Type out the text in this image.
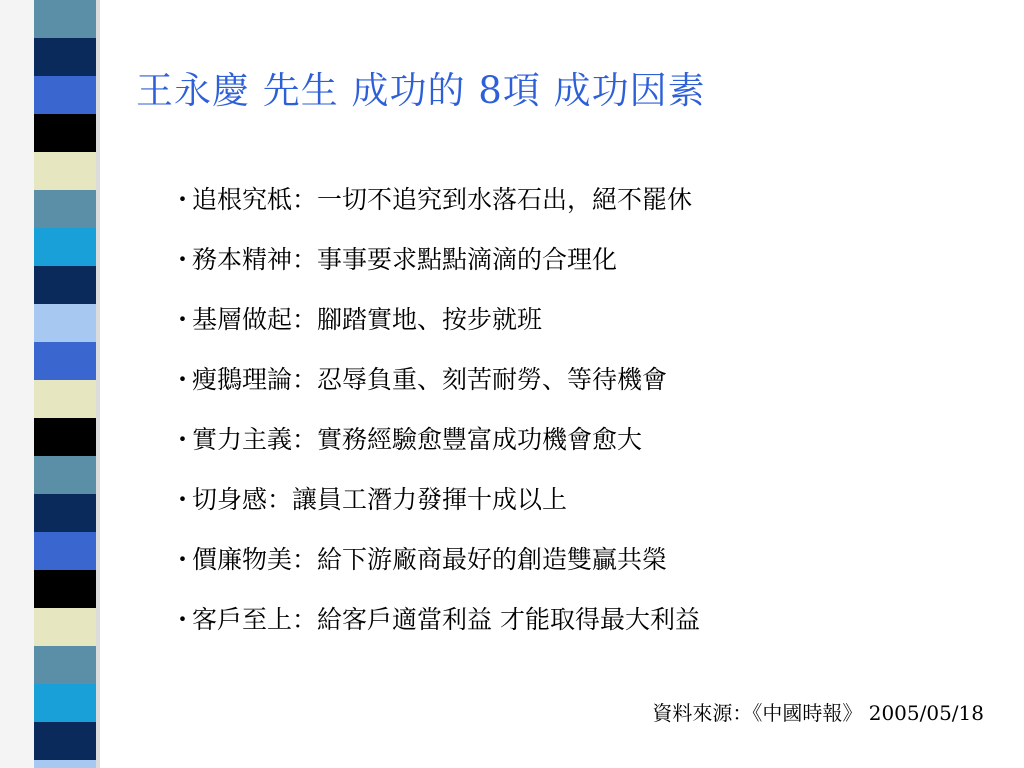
王永慶 先生 成功的 8項 成功因素
・
追根究柢：一切不追究到水落石出，絕不罷休
・
務本精神：事事要求點點滴滴的合理化
・
基層做起：腳踏實地、按步就班
・
瘦鵝理論：忍辱負重、刻苦耐勞、等待機會
・
實力主義：實務經驗愈豐富成功機會愈大
・
切身感：讓員工潛力發揮十成以上
・
價廉物美：給下游廠商最好的創造雙贏共榮
・
客戶至上：給客戶適當利益 才能取得最大利益
資料來源：《中國時報》 2005/05/18
